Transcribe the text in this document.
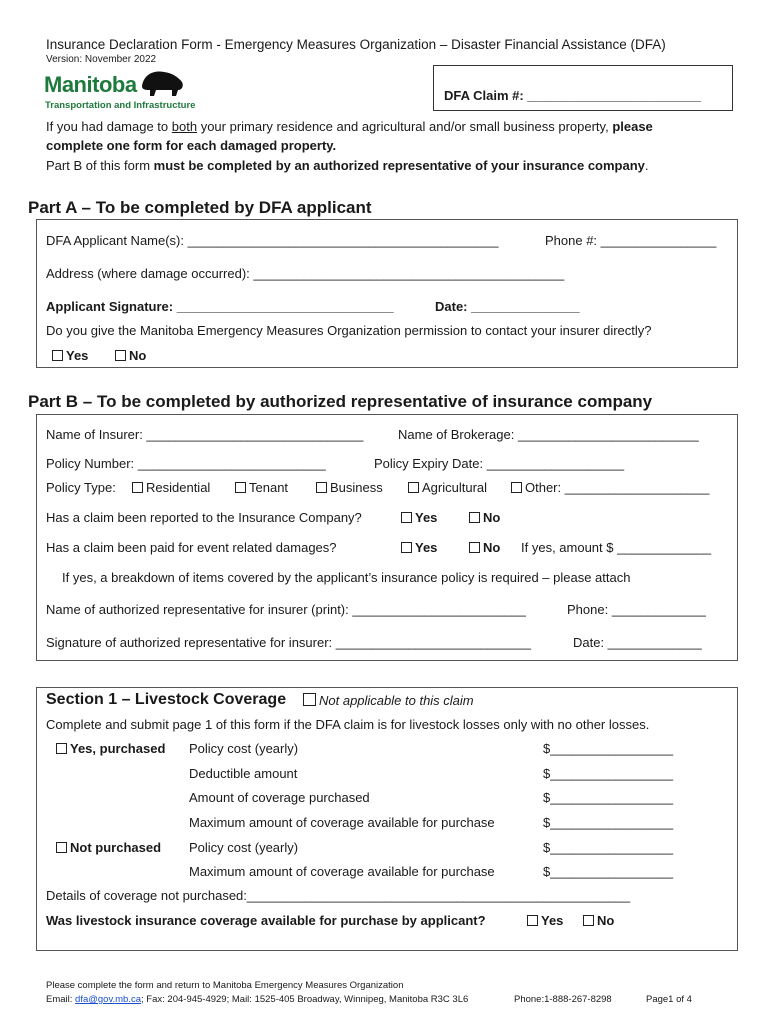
Insurance Declaration Form - Emergency Measures Organization – Disaster Financial Assistance (DFA)
Version: November 2022
Manitoba
Transportation and Infrastructure
DFA Claim #: ________________________
If you had damage to both your primary residence and agricultural and/or small business property, please
complete one form for each damaged property.
Part B of this form must be completed by an authorized representative of your insurance company.
Part A – To be completed by DFA applicant
DFA Applicant Name(s): ___________________________________________	Phone #: ________________
Address (where damage occurred): ___________________________________________
Applicant Signature: ______________________________	Date: _______________
Do you give the Manitoba Emergency Measures Organization permission to contact your insurer directly?
Yes	No
Part B – To be completed by authorized representative of insurance company
Name of Insurer: ______________________________	Name of Brokerage: _________________________
Policy Number: __________________________	Policy Expiry Date: ___________________
Policy Type:	Residential	Tenant	Business	Agricultural	Other: ____________________
Has a claim been reported to the Insurance Company?	Yes	No
Has a claim been paid for event related damages?	Yes	No If yes, amount $ _____________
If yes, a breakdown of items covered by the applicant’s insurance policy is required – please attach
Name of authorized representative for insurer (print): ________________________	Phone: _____________
Signature of authorized representative for insurer: ___________________________	Date: _____________
Section 1 – Livestock Coverage	Not applicable to this claim
Complete and submit page 1 of this form if the DFA claim is for livestock losses only with no other losses.
Yes, purchased Policy cost (yearly)	$_________________
Deductible amount	$_________________
Amount of coverage purchased	$_________________
Maximum amount of coverage available for purchase	$_________________
Not purchased Policy cost (yearly)	$_________________
Maximum amount of coverage available for purchase	$_________________
Details of coverage not purchased:_____________________________________________________
Was livestock insurance coverage available for purchase by applicant?	Yes	No
Please complete the form and return to Manitoba Emergency Measures Organization
Email: dfa@gov.mb.ca; Fax: 204-945-4929; Mail: 1525-405 Broadway, Winnipeg, Manitoba R3C 3L6	Phone:1-888-267-8298	Page1 of 4
